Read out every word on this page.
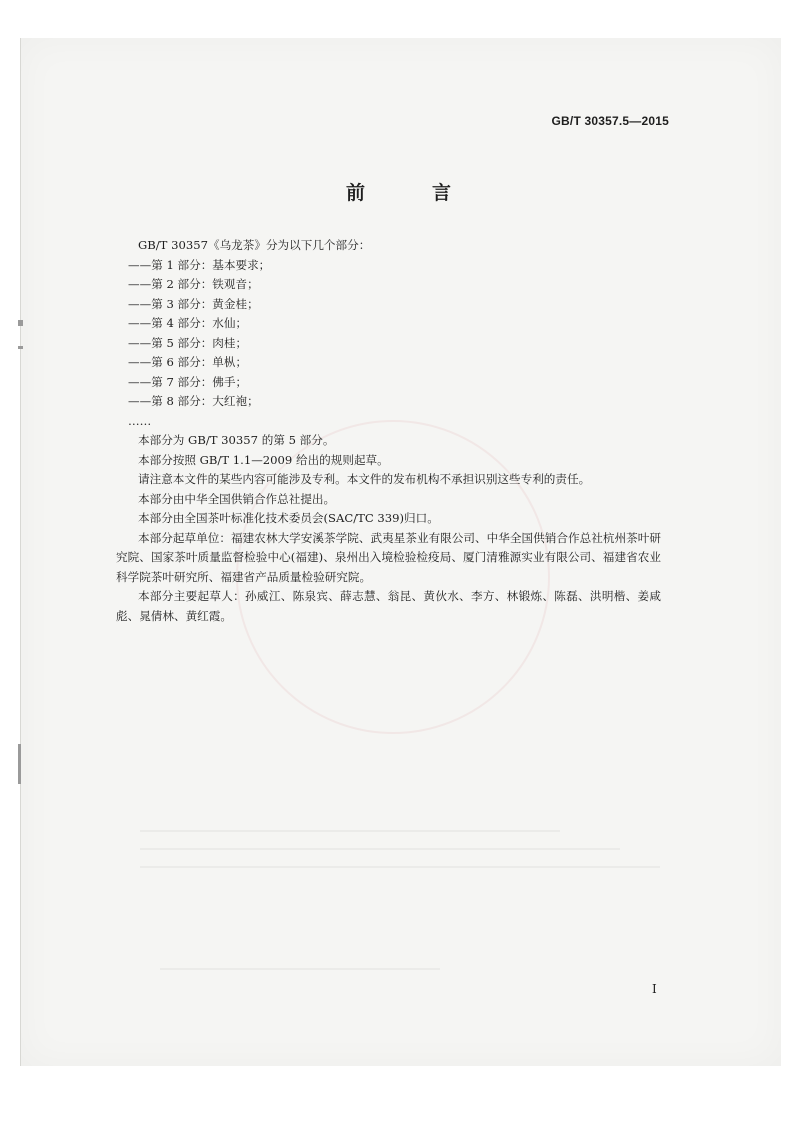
GB/T 30357.5—2015
前　言
GB/T 30357《乌龙茶》分为以下几个部分：
——第 1 部分：基本要求；
——第 2 部分：铁观音；
——第 3 部分：黄金桂；
——第 4 部分：水仙；
——第 5 部分：肉桂；
——第 6 部分：单枞；
——第 7 部分：佛手；
——第 8 部分：大红袍；
……
本部分为 GB/T 30357 的第 5 部分。
本部分按照 GB/T 1.1—2009 给出的规则起草。
请注意本文件的某些内容可能涉及专利。本文件的发布机构不承担识别这些专利的责任。
本部分由中华全国供销合作总社提出。
本部分由全国茶叶标准化技术委员会(SAC/TC 339)归口。
本部分起草单位：福建农林大学安溪茶学院、武夷星茶业有限公司、中华全国供销合作总社杭州茶叶研究院、国家茶叶质量监督检验中心(福建)、泉州出入境检验检疫局、厦门清雅源实业有限公司、福建省农业科学院茶叶研究所、福建省产品质量检验研究院。
本部分主要起草人：孙威江、陈泉宾、薛志慧、翁昆、黄伙水、李方、林锻炼、陈磊、洪明楷、姜咸彪、晁倩林、黄红霞。
I
